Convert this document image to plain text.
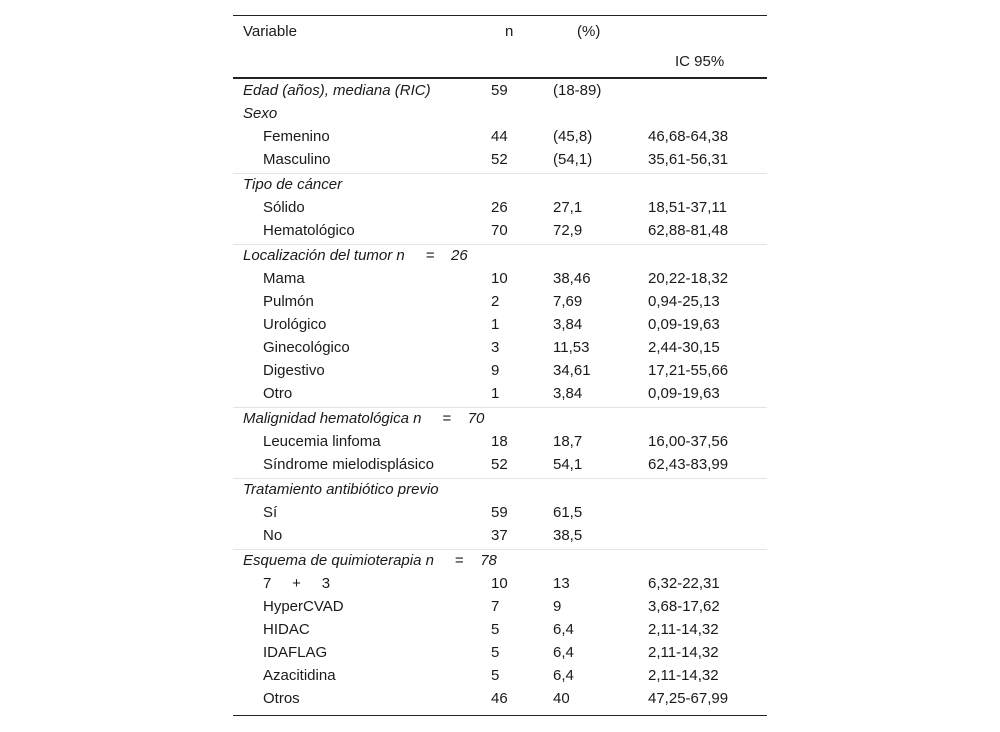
Variable	n	(%)
IC 95%
Edad (años), mediana (RIC)	59	(18-89)
Sexo
Femenino	44	(45,8)	46,68-64,38
Masculino	52	(54,1)	35,61-56,31
Tipo de cáncer
Sólido	26	27,1	18,51-37,11
Hematológico	70	72,9	62,88-81,48
Localización del tumor n     =    26
Mama	10	38,46	20,22-18,32
Pulmón	2	7,69	0,94-25,13
Urológico	1	3,84	0,09-19,63
Ginecológico	3	11,53	2,44-30,15
Digestivo	9	34,61	17,21-55,66
Otro	1	3,84	0,09-19,63
Malignidad hematológica n     =    70
Leucemia linfoma	18	18,7	16,00-37,56
Síndrome mielodisplásico	52	54,1	62,43-83,99
Tratamiento antibiótico previo
Sí	59	61,5
No	37	38,5
Esquema de quimioterapia n     =    78
7     +     3	10	13	6,32-22,31
HyperCVAD	7	9	3,68-17,62
HIDAC	5	6,4	2,11-14,32
IDAFLAG	5	6,4	2,11-14,32
Azacitidina	5	6,4	2,11-14,32
Otros	46	40	47,25-67,99
